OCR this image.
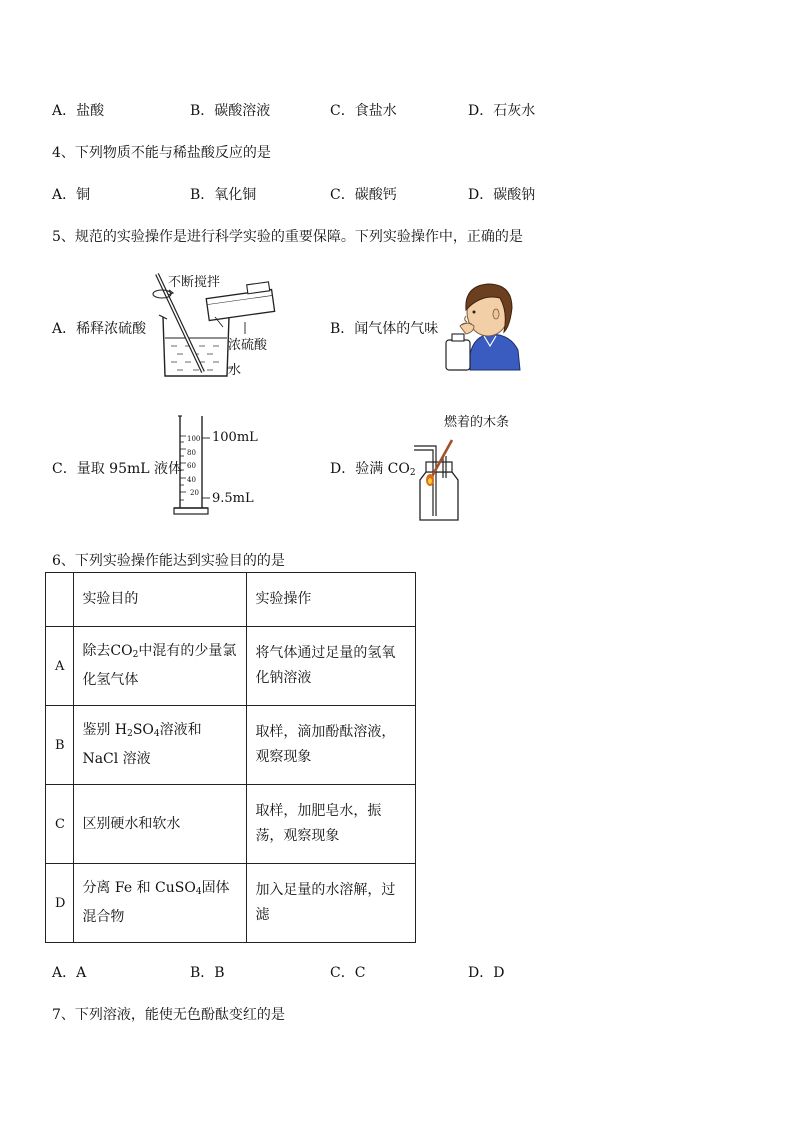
A．盐酸	B．碳酸溶液	C．食盐水	D．石灰水
4、下列物质不能与稀盐酸反应的是
A．铜	B．氧化铜	C．碳酸钙	D．碳酸钠
5、规范的实验操作是进行科学实验的重要保障。下列实验操作中，正确的是
A．稀释浓硫酸
不断搅拌
浓硫酸
水
B．闻气体的气味
C．量取 95mL 液体
100
80
60
40
20
100mL
9.5mL
D．验满 $CO_2$
燃着的木条
6、下列实验操作能达到实验目的的是
	实验目的	实验操作
A	除去$CO_2$中混有的少量氯化氢气体	将气体通过足量的氢氧化钠溶液
B	鉴别 $H_2SO_4$溶液和 NaCl 溶液	取样，滴加酚酞溶液，观察现象
C	区别硬水和软水	取样，加肥皂水，振荡，观察现象
D	分离 Fe 和 CuSO$_4$固体混合物	加入足量的水溶解，过滤
A．A	B．B	C．C	D．D
7、下列溶液，能使无色酚酞变红的是
